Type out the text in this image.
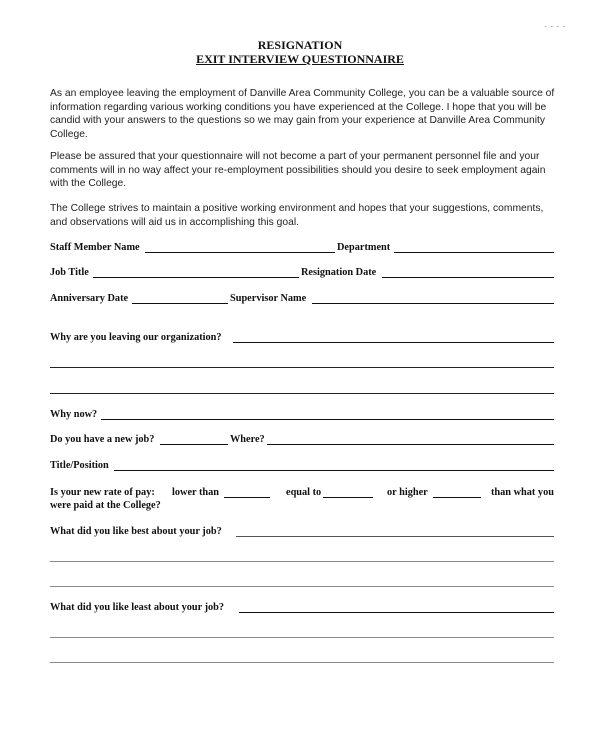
- - - -
RESIGNATION
EXIT INTERVIEW QUESTIONNAIRE
As an employee leaving the employment of Danville Area Community College, you can be a valuable source of information regarding various working conditions you have experienced at the College. I hope that you will be candid with your answers to the questions so we may gain from your experience at Danville Area Community College.
Please be assured that your questionnaire will not become a part of your permanent personnel file and your comments will in no way affect your re-employment possibilities should you desire to seek employment again with the College.
The College strives to maintain a positive working environment and hopes that your suggestions, comments, and observations will aid us in accomplishing this goal.
Staff Member Name	Department
Job Title	Resignation Date
Anniversary Date	Supervisor Name
Why are you leaving our organization?
Why now?
Do you have a new job?	Where?
Title/Position
Is your new rate of pay: lower than	equal to	or higher	than what you
were paid at the College?
What did you like best about your job?
What did you like least about your job?
